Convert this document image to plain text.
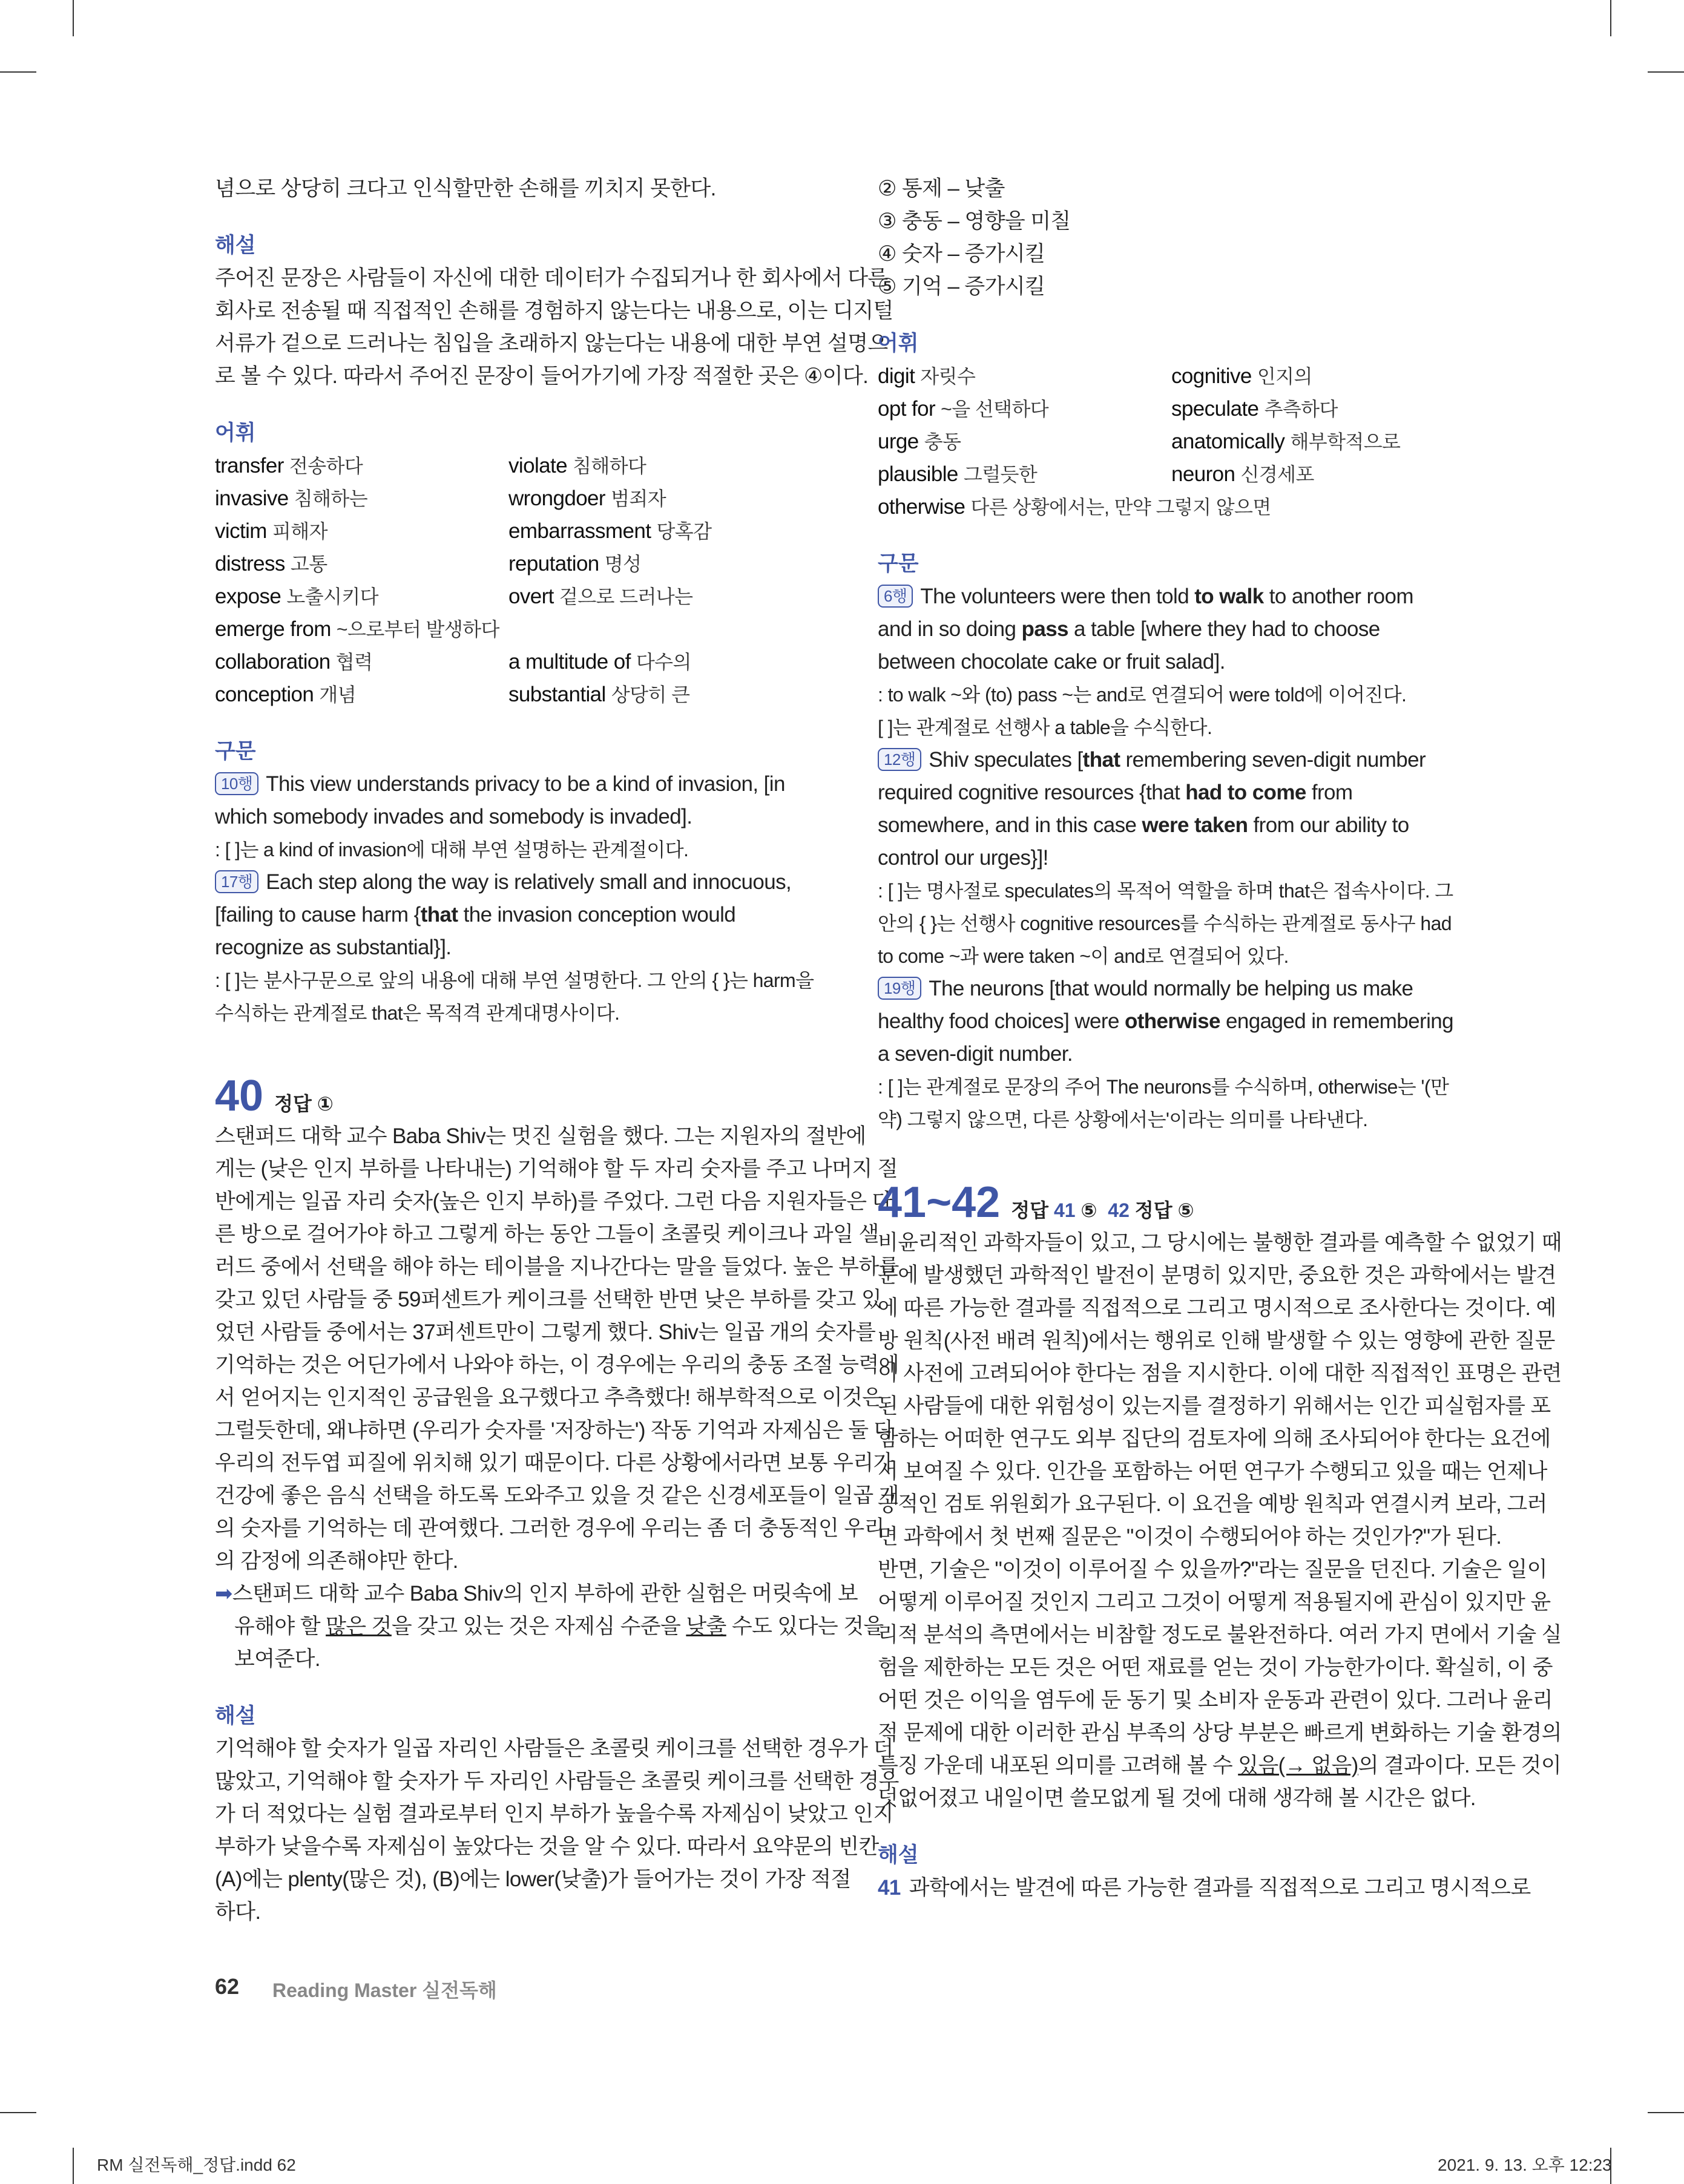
념으로 상당히 크다고 인식할만한 손해를 끼치지 못한다.
해설
주어진 문장은 사람들이 자신에 대한 데이터가 수집되거나 한 회사에서 다른
회사로 전송될 때 직접적인 손해를 경험하지 않는다는 내용으로, 이는 디지털
서류가 겉으로 드러나는 침입을 초래하지 않는다는 내용에 대한 부연 설명으
로 볼 수 있다. 따라서 주어진 문장이 들어가기에 가장 적절한 곳은 ④이다.
어휘
transfer 전송하다	violate 침해하다
invasive 침해하는	wrongdoer 범죄자
victim 피해자	embarrassment 당혹감
distress 고통	reputation 명성
expose 노출시키다	overt 겉으로 드러나는
emerge from ~으로부터 발생하다
collaboration 협력	a multitude of 다수의
conception 개념	substantial 상당히 큰
구문
10행 This view understands privacy to be a kind of invasion, [in
which somebody invades and somebody is invaded].
: [ ]는 a kind of invasion에 대해 부연 설명하는 관계절이다.
17행 Each step along the way is relatively small and innocuous,
[failing to cause harm {that the invasion conception would
recognize as substantial}].
: [ ]는 분사구문으로 앞의 내용에 대해 부연 설명한다. 그 안의 { }는 harm을
수식하는 관계절로 that은 목적격 관계대명사이다.
40 정답 ①
스탠퍼드 대학 교수 Baba Shiv는 멋진 실험을 했다. 그는 지원자의 절반에
게는 (낮은 인지 부하를 나타내는) 기억해야 할 두 자리 숫자를 주고 나머지 절
반에게는 일곱 자리 숫자(높은 인지 부하)를 주었다. 그런 다음 지원자들은 다
른 방으로 걸어가야 하고 그렇게 하는 동안 그들이 초콜릿 케이크나 과일 샐
러드 중에서 선택을 해야 하는 테이블을 지나간다는 말을 들었다. 높은 부하를
갖고 있던 사람들 중 59퍼센트가 케이크를 선택한 반면 낮은 부하를 갖고 있
었던 사람들 중에서는 37퍼센트만이 그렇게 했다. Shiv는 일곱 개의 숫자를
기억하는 것은 어딘가에서 나와야 하는, 이 경우에는 우리의 충동 조절 능력에
서 얻어지는 인지적인 공급원을 요구했다고 추측했다! 해부학적으로 이것은
그럴듯한데, 왜냐하면 (우리가 숫자를 '저장하는') 작동 기억과 자제심은 둘 다
우리의 전두엽 피질에 위치해 있기 때문이다. 다른 상황에서라면 보통 우리가
건강에 좋은 음식 선택을 하도록 도와주고 있을 것 같은 신경세포들이 일곱 개
의 숫자를 기억하는 데 관여했다. 그러한 경우에 우리는 좀 더 충동적인 우리
의 감정에 의존해야만 한다.
➡스탠퍼드 대학 교수 Baba Shiv의 인지 부하에 관한 실험은 머릿속에 보
유해야 할 많은 것을 갖고 있는 것은 자제심 수준을 낮출 수도 있다는 것을
보여준다.
해설
기억해야 할 숫자가 일곱 자리인 사람들은 초콜릿 케이크를 선택한 경우가 더
많았고, 기억해야 할 숫자가 두 자리인 사람들은 초콜릿 케이크를 선택한 경우
가 더 적었다는 실험 결과로부터 인지 부하가 높을수록 자제심이 낮았고 인지
부하가 낮을수록 자제심이 높았다는 것을 알 수 있다. 따라서 요약문의 빈칸
(A)에는 plenty(많은 것), (B)에는 lower(낮출)가 들어가는 것이 가장 적절
하다.
② 통제 – 낮출
③ 충동 – 영향을 미칠
④ 숫자 – 증가시킬
⑤ 기억 – 증가시킬
어휘
digit 자릿수	cognitive 인지의
opt for ~을 선택하다	speculate 추측하다
urge 충동	anatomically 해부학적으로
plausible 그럴듯한	neuron 신경세포
otherwise 다른 상황에서는, 만약 그렇지 않으면
구문
6행 The volunteers were then told to walk to another room
and in so doing pass a table [where they had to choose
between chocolate cake or fruit salad].
: to walk ~와 (to) pass ~는 and로 연결되어 were told에 이어진다.
[ ]는 관계절로 선행사 a table을 수식한다.
12행 Shiv speculates [that remembering seven-digit number
required cognitive resources {that had to come from
somewhere, and in this case were taken from our ability to
control our urges}]!
: [ ]는 명사절로 speculates의 목적어 역할을 하며 that은 접속사이다. 그
안의 { }는 선행사 cognitive resources를 수식하는 관계절로 동사구 had
to come ~과 were taken ~이 and로 연결되어 있다.
19행 The neurons [that would normally be helping us make
healthy food choices] were otherwise engaged in remembering
a seven-digit number.
: [ ]는 관계절로 문장의 주어 The neurons를 수식하며, otherwise는 '(만
약) 그렇지 않으면, 다른 상황에서는'이라는 의미를 나타낸다.
41~42 정답 41 ⑤ 42 정답 ⑤
비윤리적인 과학자들이 있고, 그 당시에는 불행한 결과를 예측할 수 없었기 때
문에 발생했던 과학적인 발전이 분명히 있지만, 중요한 것은 과학에서는 발견
에 따른 가능한 결과를 직접적으로 그리고 명시적으로 조사한다는 것이다. 예
방 원칙(사전 배려 원칙)에서는 행위로 인해 발생할 수 있는 영향에 관한 질문
이 사전에 고려되어야 한다는 점을 지시한다. 이에 대한 직접적인 표명은 관련
된 사람들에 대한 위험성이 있는지를 결정하기 위해서는 인간 피실험자를 포
함하는 어떠한 연구도 외부 집단의 검토자에 의해 조사되어야 한다는 요건에
서 보여질 수 있다. 인간을 포함하는 어떤 연구가 수행되고 있을 때는 언제나
공적인 검토 위원회가 요구된다. 이 요건을 예방 원칙과 연결시켜 보라, 그러
면 과학에서 첫 번째 질문은 "이것이 수행되어야 하는 것인가?"가 된다.
반면, 기술은 "이것이 이루어질 수 있을까?"라는 질문을 던진다. 기술은 일이
어떻게 이루어질 것인지 그리고 그것이 어떻게 적용될지에 관심이 있지만 윤
리적 분석의 측면에서는 비참할 정도로 불완전하다. 여러 가지 면에서 기술 실
험을 제한하는 모든 것은 어떤 재료를 얻는 것이 가능한가이다. 확실히, 이 중
어떤 것은 이익을 염두에 둔 동기 및 소비자 운동과 관련이 있다. 그러나 윤리
적 문제에 대한 이러한 관심 부족의 상당 부분은 빠르게 변화하는 기술 환경의
특징 가운데 내포된 의미를 고려해 볼 수 있음(→ 없음)의 결과이다. 모든 것이
덧없어졌고 내일이면 쓸모없게 될 것에 대해 생각해 볼 시간은 없다.
해설
41 과학에서는 발견에 따른 가능한 결과를 직접적으로 그리고 명시적으로
62 Reading Master 실전독해
RM 실전독해_정답.indd 62	2021. 9. 13. 오후 12:23
